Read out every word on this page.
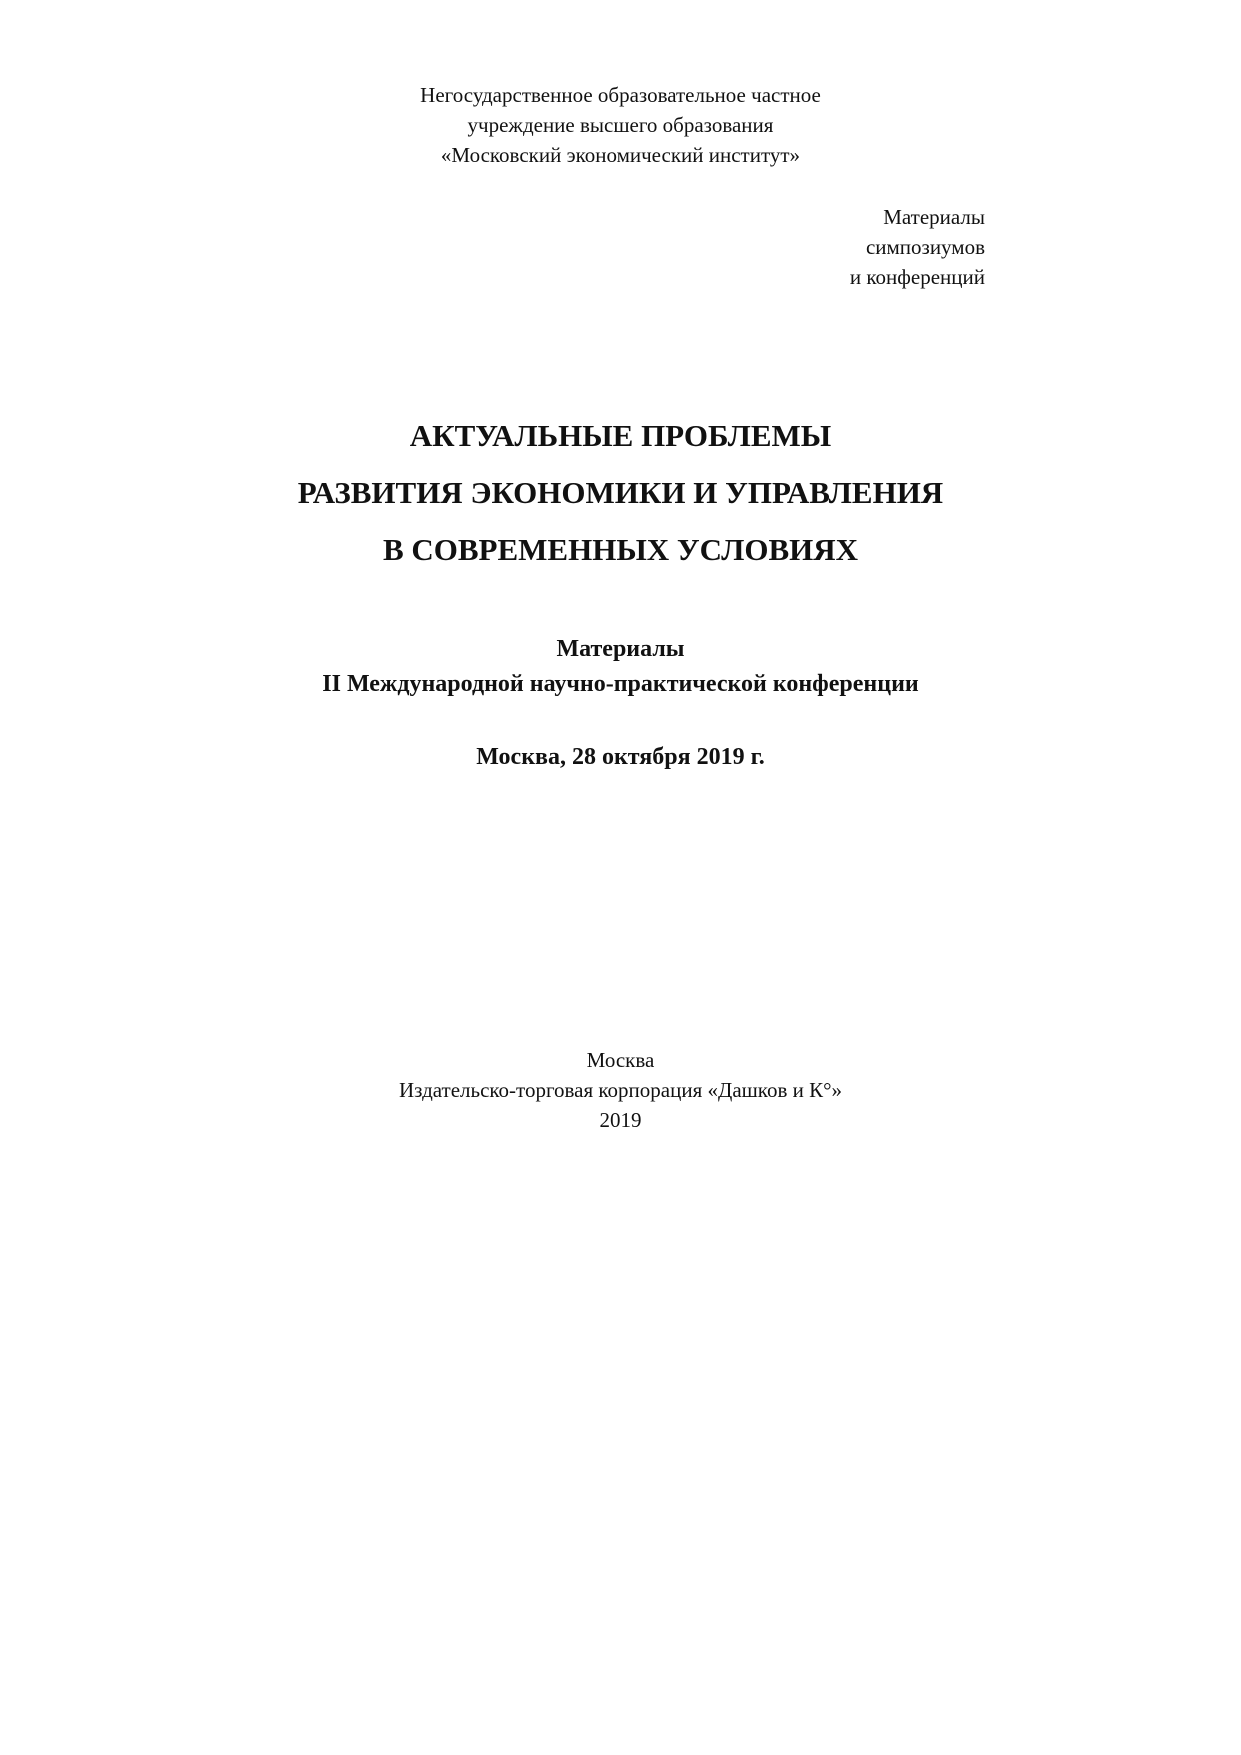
Негосударственное образовательное частное
учреждение высшего образования
«Московский экономический институт»
Материалы
симпозиумов
и конференций
АКТУАЛЬНЫЕ ПРОБЛЕМЫ
РАЗВИТИЯ ЭКОНОМИКИ И УПРАВЛЕНИЯ
В СОВРЕМЕННЫХ УСЛОВИЯХ
Материалы
II Международной научно-практической конференции
Москва, 28 октября 2019 г.
Москва
Издательско-торговая корпорация «Дашков и К°»
2019
